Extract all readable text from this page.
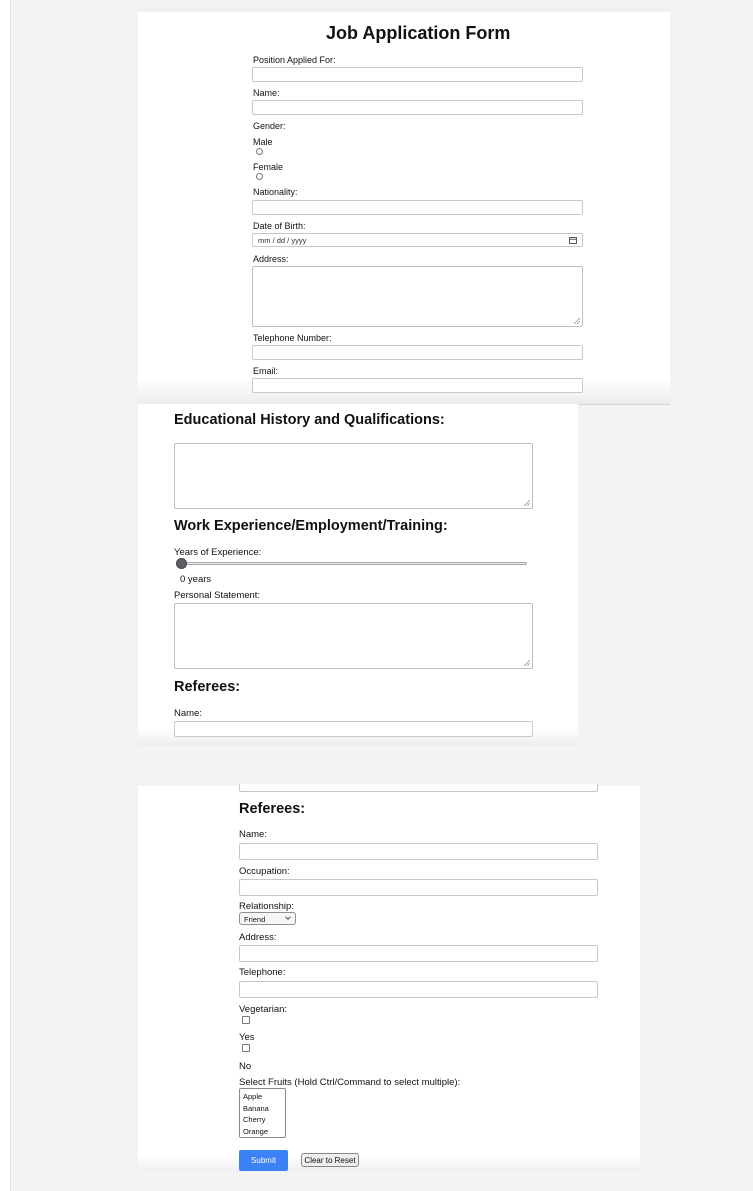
Job Application Form
Position Applied For:
Name:
Gender:
Male
Female
Nationality:
Date of Birth:
mm / dd / yyyy
Address:
Telephone Number:
Email:
Educational History and Qualifications:
Work Experience/Employment/Training:
Years of Experience:
0 years
Personal Statement:
Referees:
Name:
Referees:
Name:
Occupation:
Relationship:
Friend
Address:
Telephone:
Vegetarian:
Yes
No
Select Fruits (Hold Ctrl/Command to select multiple):
Apple
Banana
Cherry
Orange
Submit	Clear to Reset
